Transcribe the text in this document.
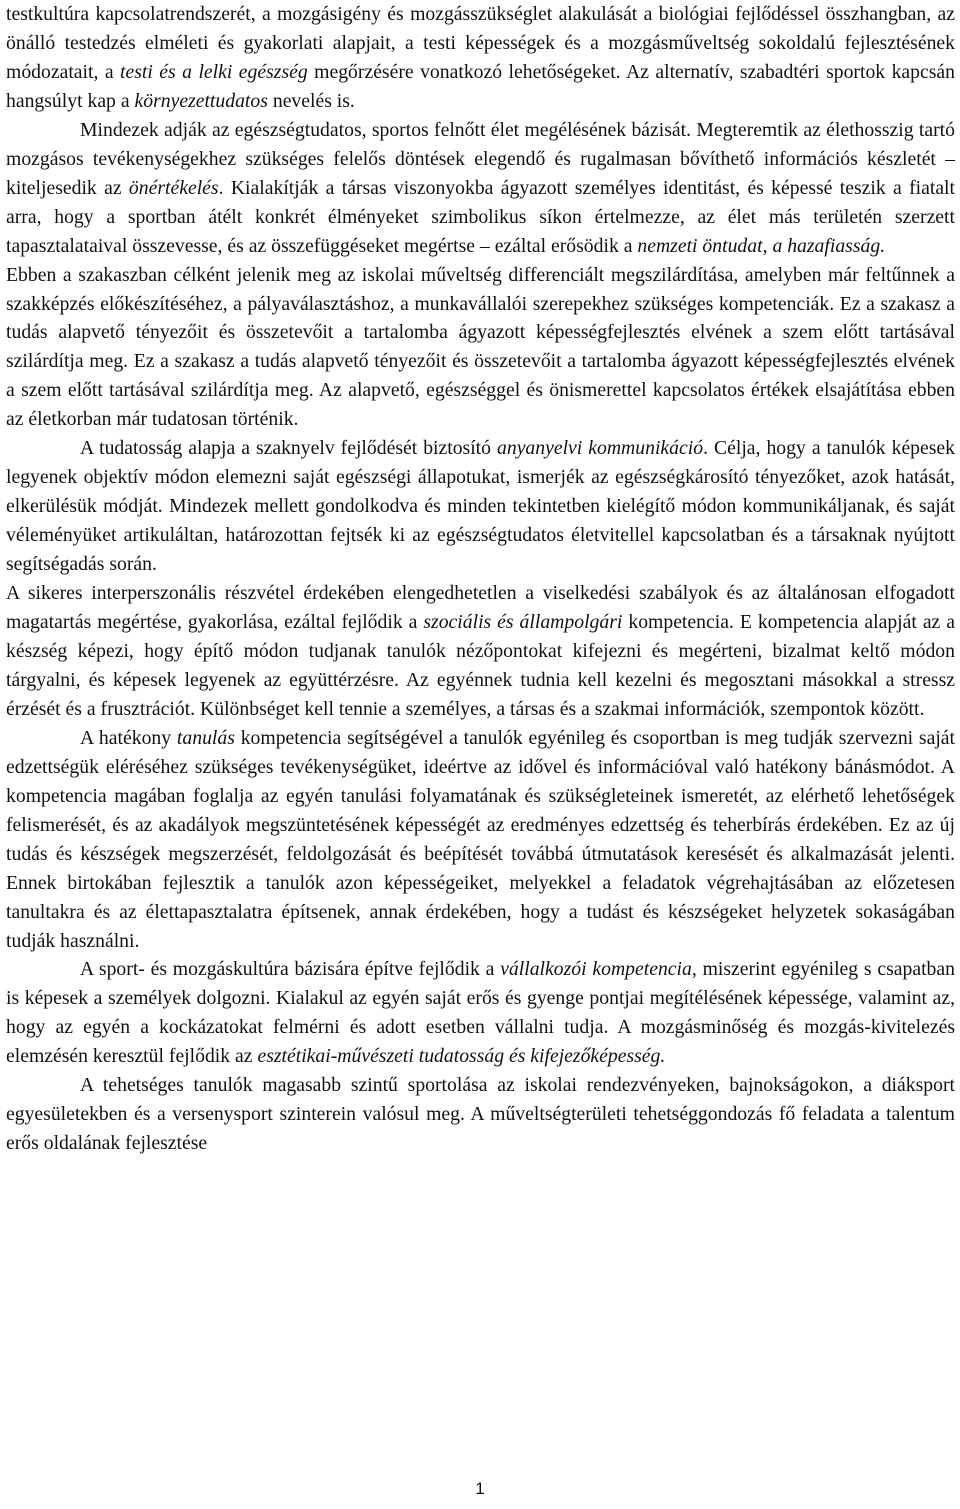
testkultúra kapcsolatrendszerét, a mozgásigény és mozgásszükséglet alakulását a biológiai fejlődéssel összhangban, az önálló testedzés elméleti és gyakorlati alapjait, a testi képességek és a mozgásműveltség sokoldalú fejlesztésének módozatait, a testi és a lelki egészség megőrzésére vonatkozó lehetőségeket. Az alternatív, szabadtéri sportok kapcsán hangsúlyt kap a környezettudatos nevelés is.

Mindezek adják az egészségtudatos, sportos felnőtt élet megélésének bázisát. Megteremtik az élethosszig tartó mozgásos tevékenységekhez szükséges felelős döntések elegendő és rugalmasan bővíthető információs készletét – kiteljesedik az önértékelés. Kialakítják a társas viszonyokba ágyazott személyes identitást, és képessé teszik a fiatalt arra, hogy a sportban átélt konkrét élményeket szimbolikus síkon értelmezze, az élet más területén szerzett tapasztalataival összevesse, és az összefüggéseket megértse – ezáltal erősödik a nemzeti öntudat, a hazafiasság.

Ebben a szakaszban célként jelenik meg az iskolai műveltség differenciált megszilárdítása, amelyben már feltűnnek a szakképzés előkészítéséhez, a pályaválasztáshoz, a munkavállalói szerepekhez szükséges kompetenciák. Ez a szakasz a tudás alapvető tényezőit és összetevőit a tartalomba ágyazott képességfejlesztés elvének a szem előtt tartásával szilárdítja meg. Ez a szakasz a tudás alapvető tényezőit és összetevőit a tartalomba ágyazott képességfejlesztés elvének a szem előtt tartásával szilárdítja meg. Az alapvető, egészséggel és önismerettel kapcsolatos értékek elsajátítása ebben az életkorban már tudatosan történik.

A tudatosság alapja a szaknyelv fejlődését biztosító anyanyelvi kommunikáció. Célja, hogy a tanulók képesek legyenek objektív módon elemezni saját egészségi állapotukat, ismerjék az egészségkárosító tényezőket, azok hatását, elkerülésük módját. Mindezek mellett gondolkodva és minden tekintetben kielégítő módon kommunikáljanak, és saját véleményüket artikuláltan, határozottan fejtsék ki az egészségtudatos életvitellel kapcsolatban és a társaknak nyújtott segítségadás során.

A sikeres interperszonális részvétel érdekében elengedhetetlen a viselkedési szabályok és az általánosan elfogadott magatartás megértése, gyakorlása, ezáltal fejlődik a szociális és állampolgári kompetencia. E kompetencia alapját az a készség képezi, hogy építő módon tudjanak tanulók nézőpontokat kifejezni és megérteni, bizalmat keltő módon tárgyalni, és képesek legyenek az együttérzésre. Az egyénnek tudnia kell kezelni és megosztani másokkal a stressz érzését és a frusztrációt. Különbséget kell tennie a személyes, a társas és a szakmai információk, szempontok között.

A hatékony tanulás kompetencia segítségével a tanulók egyénileg és csoportban is meg tudják szervezni saját edzettségük eléréséhez szükséges tevékenységüket, ideértve az idővel és információval való hatékony bánásmódot. A kompetencia magában foglalja az egyén tanulási folyamatának és szükségleteinek ismeretét, az elérhető lehetőségek felismerését, és az akadályok megszüntetésének képességét az eredményes edzettség és teherbírás érdekében. Ez az új tudás és készségek megszerzését, feldolgozását és beépítését továbbá útmutatások keresését és alkalmazását jelenti. Ennek birtokában fejlesztik a tanulók azon képességeiket, melyekkel a feladatok végrehajtásában az előzetesen tanultakra és az élettapasztalatra építsenek, annak érdekében, hogy a tudást és készségeket helyzetek sokaságában tudják használni.

A sport- és mozgáskultúra bázisára építve fejlődik a vállalkozói kompetencia, miszerint egyénileg s csapatban is képesek a személyek dolgozni. Kialakul az egyén saját erős és gyenge pontjai megítélésének képessége, valamint az, hogy az egyén a kockázatokat felmérni és adott esetben vállalni tudja. A mozgásminőség és mozgás-kivitelezés elemzésén keresztül fejlődik az esztétikai-művészeti tudatosság és kifejezőképesség.

A tehetséges tanulók magasabb szintű sportolása az iskolai rendezvényeken, bajnokságokon, a diáksport egyesületekben és a versenysport szinterein valósul meg. A műveltségterületi tehetséggondozás fő feladata a talentum erős oldalának fejlesztése

1
